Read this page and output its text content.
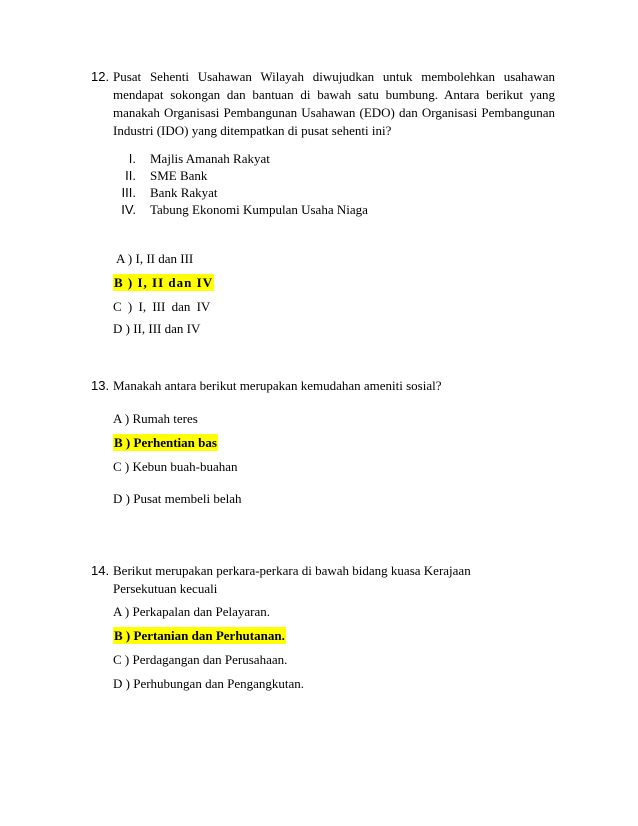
12. Pusat Sehenti Usahawan Wilayah diwujudkan untuk membolehkan usahawan mendapat sokongan dan bantuan di bawah satu bumbung. Antara berikut yang manakah Organisasi Pembangunan Usahawan (EDO) dan Organisasi Pembangunan Industri (IDO) yang ditempatkan di pusat sehenti ini?
I. Majlis Amanah Rakyat
II. SME Bank
III. Bank Rakyat
IV. Tabung Ekonomi Kumpulan Usaha Niaga
A ) I, II dan III
B ) I, II dan IV
C ) I, III dan IV
D ) II, III dan IV
13. Manakah antara berikut merupakan kemudahan ameniti sosial?
A ) Rumah teres
B ) Perhentian bas
C ) Kebun buah-buahan
D ) Pusat membeli belah
14. Berikut merupakan perkara-perkara di bawah bidang kuasa Kerajaan Persekutuan kecuali
A ) Perkapalan dan Pelayaran.
B ) Pertanian dan Perhutanan.
C ) Perdagangan dan Perusahaan.
D ) Perhubungan dan Pengangkutan.
